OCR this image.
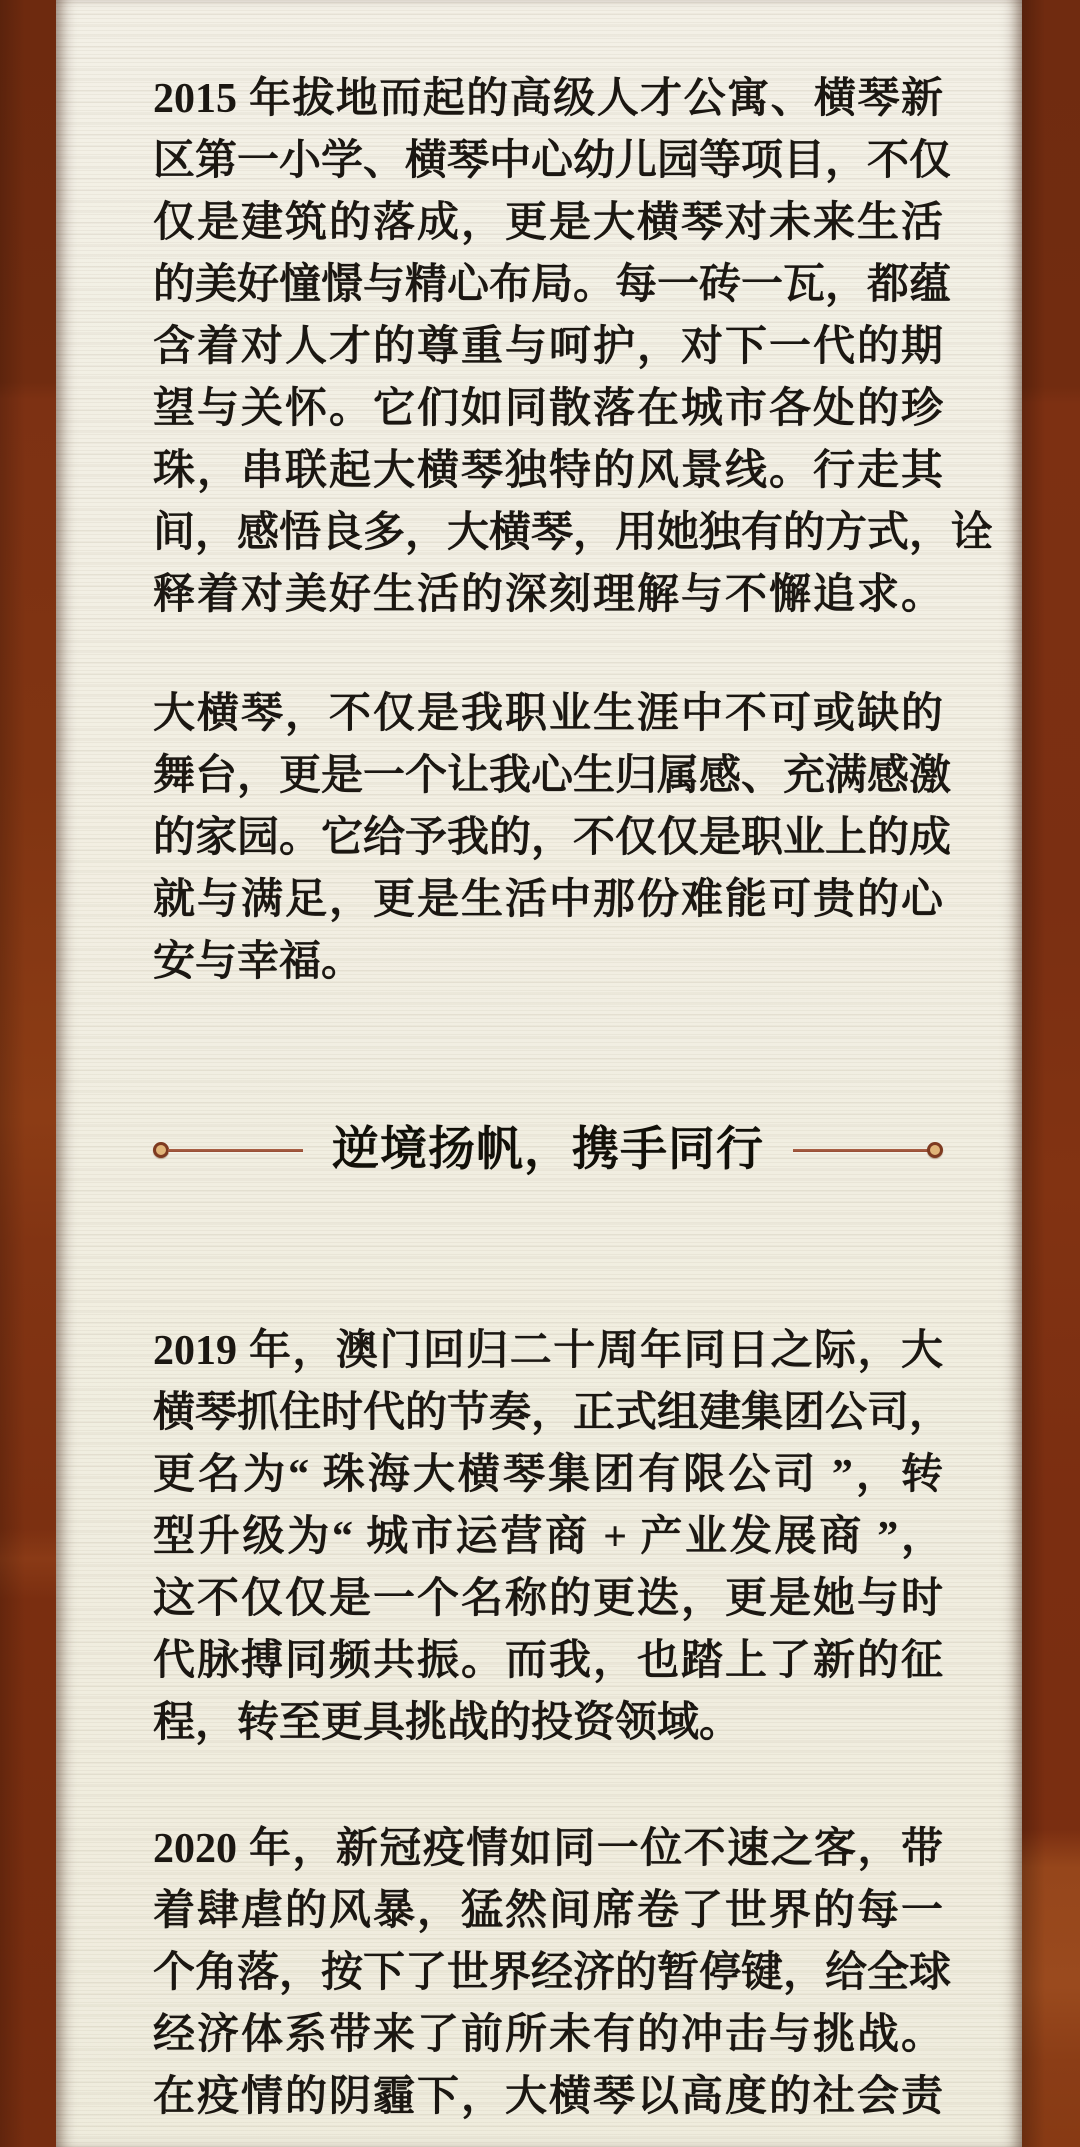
2015 年拔地而起的高级人才公寓、横琴新
区第一小学、横琴中心幼儿园等项目，不仅
仅是建筑的落成，更是大横琴对未来生活
的美好憧憬与精心布局。每一砖一瓦，都蕴
含着对人才的尊重与呵护，对下一代的期
望与关怀。它们如同散落在城市各处的珍
珠，串联起大横琴独特的风景线。行走其
间，感悟良多，大横琴，用她独有的方式，诠
释着对美好生活的深刻理解与不懈追求。
大横琴，不仅是我职业生涯中不可或缺的
舞台，更是一个让我心生归属感、充满感激
的家园。它给予我的，不仅仅是职业上的成
就与满足，更是生活中那份难能可贵的心
安与幸福。
逆境扬帆，携手同行
2019 年，澳门回归二十周年同日之际，大
横琴抓住时代的节奏，正式组建集团公司，
更名为“ 珠海大横琴集团有限公司 ”，转
型升级为“ 城市运营商 + 产业发展商 ”，
这不仅仅是一个名称的更迭，更是她与时
代脉搏同频共振。而我，也踏上了新的征
程，转至更具挑战的投资领域。
2020 年，新冠疫情如同一位不速之客，带
着肆虐的风暴，猛然间席卷了世界的每一
个角落，按下了世界经济的暂停键，给全球
经济体系带来了前所未有的冲击与挑战。
在疫情的阴霾下，大横琴以高度的社会责
